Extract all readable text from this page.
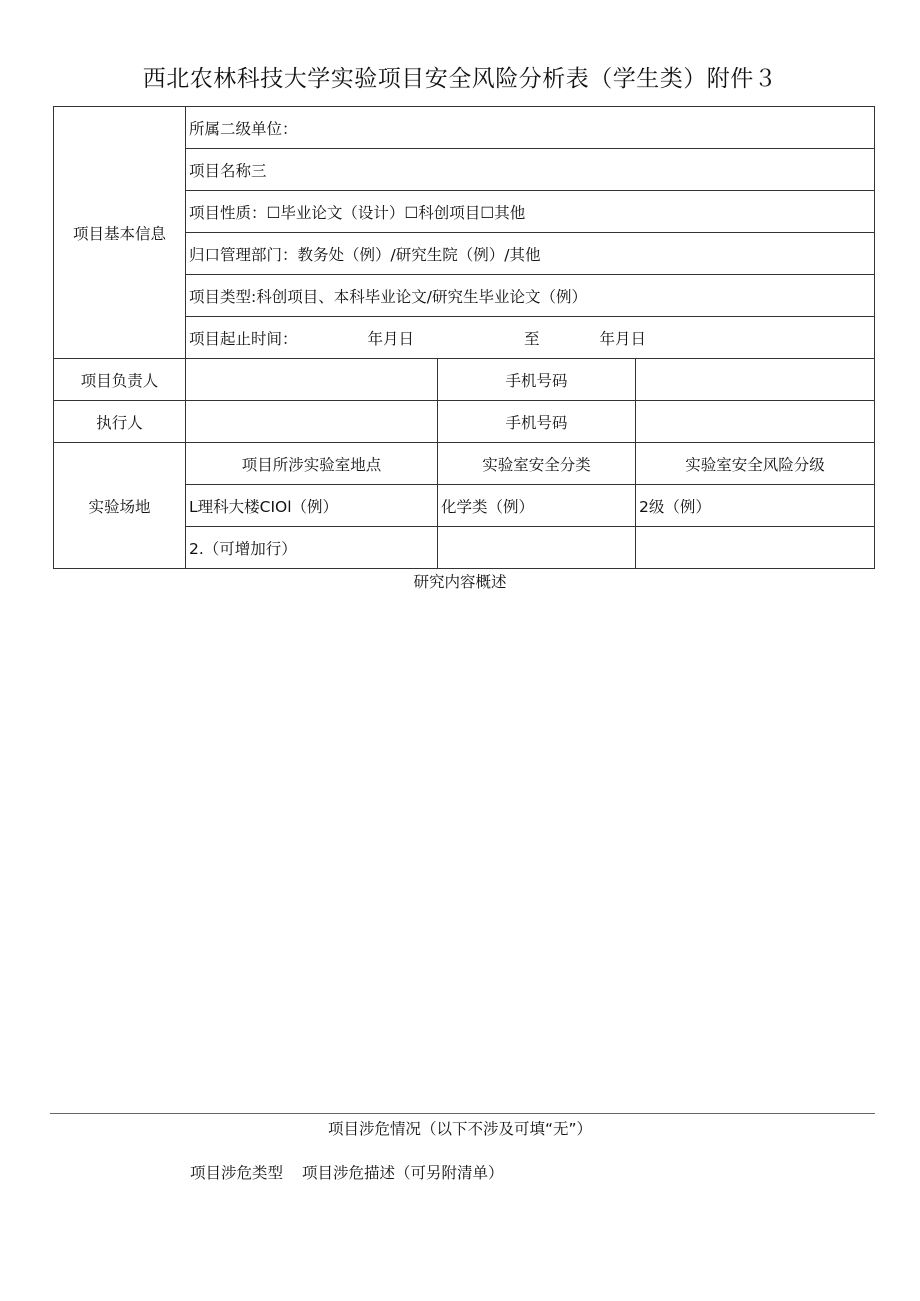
西北农林科技大学实验项目安全风险分析表（学生类）附件３
项目基本信息	所属二级单位：		
	项目名称三		
	项目性质：☐毕业论文（设计）☐科创项目☐其他		
	归口管理部门：教务处（例）/研究生院（例）/其他		
	项目类型:科创项目、本科毕业论文/研究生毕业论文（例）		
	项目起止时间： 年月日 至 年月日		
项目负责人		手机号码	
执行人		手机号码	
实验场地	项目所涉实验室地点	实验室安全分类	实验室安全风险分级
	L理科大楼CIOl（例）	化学类（例）	2级（例）
	2.（可增加行）		
研究内容概述
项目涉危情况（以下不涉及可填“无”）
项目涉危类型 项目涉危描述（可另附清单）
